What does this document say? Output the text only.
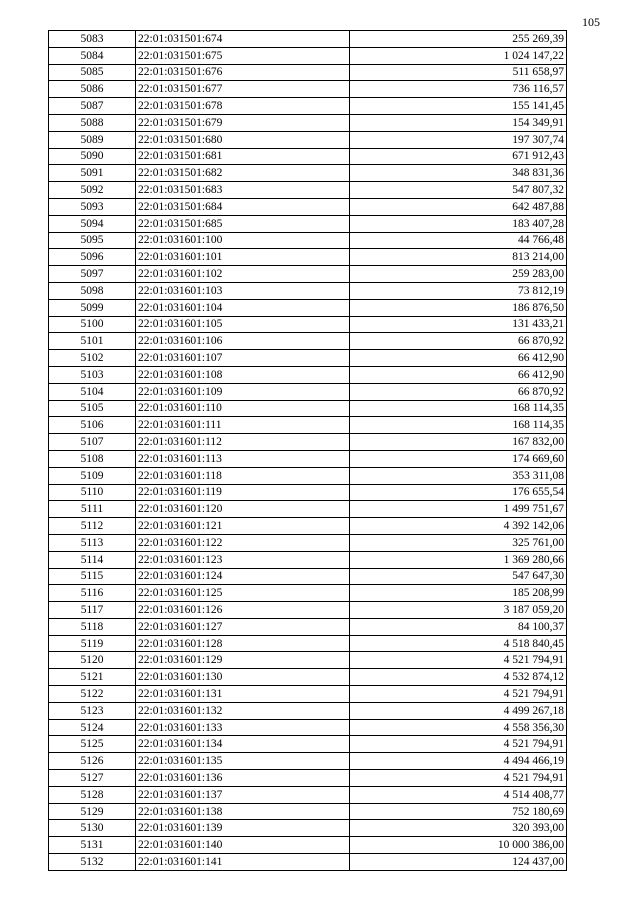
105
5083	22:01:031501:674	255 269,39
5084	22:01:031501:675	1 024 147,22
5085	22:01:031501:676	511 658,97
5086	22:01:031501:677	736 116,57
5087	22:01:031501:678	155 141,45
5088	22:01:031501:679	154 349,91
5089	22:01:031501:680	197 307,74
5090	22:01:031501:681	671 912,43
5091	22:01:031501:682	348 831,36
5092	22:01:031501:683	547 807,32
5093	22:01:031501:684	642 487,88
5094	22:01:031501:685	183 407,28
5095	22:01:031601:100	44 766,48
5096	22:01:031601:101	813 214,00
5097	22:01:031601:102	259 283,00
5098	22:01:031601:103	73 812,19
5099	22:01:031601:104	186 876,50
5100	22:01:031601:105	131 433,21
5101	22:01:031601:106	66 870,92
5102	22:01:031601:107	66 412,90
5103	22:01:031601:108	66 412,90
5104	22:01:031601:109	66 870,92
5105	22:01:031601:110	168 114,35
5106	22:01:031601:111	168 114,35
5107	22:01:031601:112	167 832,00
5108	22:01:031601:113	174 669,60
5109	22:01:031601:118	353 311,08
5110	22:01:031601:119	176 655,54
5111	22:01:031601:120	1 499 751,67
5112	22:01:031601:121	4 392 142,06
5113	22:01:031601:122	325 761,00
5114	22:01:031601:123	1 369 280,66
5115	22:01:031601:124	547 647,30
5116	22:01:031601:125	185 208,99
5117	22:01:031601:126	3 187 059,20
5118	22:01:031601:127	84 100,37
5119	22:01:031601:128	4 518 840,45
5120	22:01:031601:129	4 521 794,91
5121	22:01:031601:130	4 532 874,12
5122	22:01:031601:131	4 521 794,91
5123	22:01:031601:132	4 499 267,18
5124	22:01:031601:133	4 558 356,30
5125	22:01:031601:134	4 521 794,91
5126	22:01:031601:135	4 494 466,19
5127	22:01:031601:136	4 521 794,91
5128	22:01:031601:137	4 514 408,77
5129	22:01:031601:138	752 180,69
5130	22:01:031601:139	320 393,00
5131	22:01:031601:140	10 000 386,00
5132	22:01:031601:141	124 437,00
